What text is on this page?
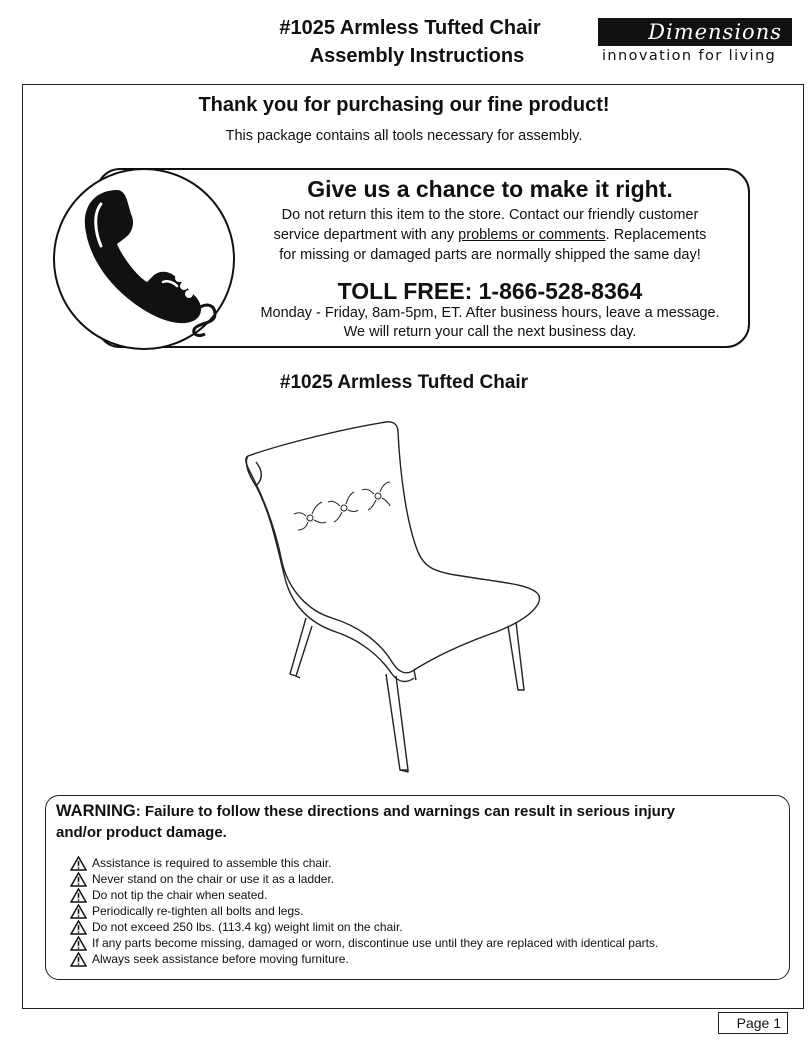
#1025 Armless Tufted Chair
Assembly Instructions
Dimensions
innovation for living
Thank you for purchasing our fine product!
This package contains all tools necessary for assembly.
Give us a chance to make it right.
Do not return this item to the store. Contact our friendly customer
service department with any problems or comments. Replacements
for missing or damaged parts are normally shipped the same day!
TOLL FREE: 1-866-528-8364
Monday - Friday, 8am-5pm, ET. After business hours, leave a message.
We will return your call the next business day.
#1025 Armless Tufted Chair
WARNING: Failure to follow these directions and warnings can result in serious injury
and/or product damage.
Assistance is required to assemble this chair.
Never stand on the chair or use it as a ladder.
Do not tip the chair when seated.
Periodically re-tighten all bolts and legs.
Do not exceed 250 lbs. (113.4 kg) weight limit on the chair.
If any parts become missing, damaged or worn, discontinue use until they are replaced with identical parts.
Always seek assistance before moving furniture.
Page 1
